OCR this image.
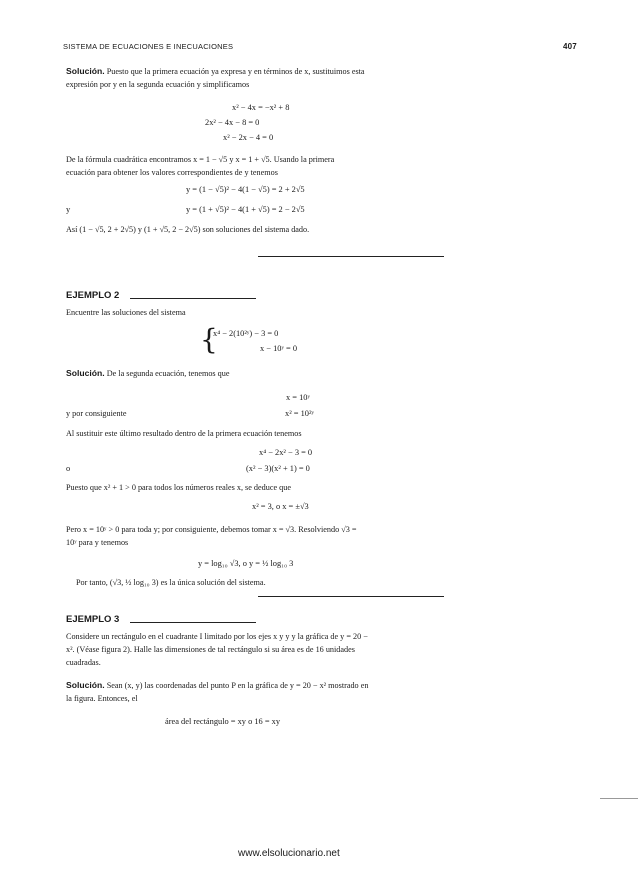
SISTEMA DE ECUACIONES E INECUACIONES	407
Solución. Puesto que la primera ecuación ya expresa y en términos de x, sustituimos esta
expresión por y en la segunda ecuación y simplificamos
x² − 4x = −x² + 8
2x² − 4x − 8 = 0
x² − 2x − 4 = 0
De la fórmula cuadrática encontramos x = 1 − √5 y x = 1 + √5. Usando la primera
ecuación para obtener los valores correspondientes de y tenemos
y = (1 − √5)² − 4(1 − √5) = 2 + 2√5
y	y = (1 + √5)² − 4(1 + √5) = 2 − 2√5
Así (1 − √5, 2 + 2√5) y (1 + √5, 2 − 2√5) son soluciones del sistema dado.
EJEMPLO 2
Encuentre las soluciones del sistema
{
x⁴ − 2(10²ʸ) − 3 = 0
x − 10ʸ = 0
Solución. De la segunda ecuación, tenemos que
x = 10ʸ
y por consiguiente	x² = 10²ʸ
Al sustituir este último resultado dentro de la primera ecuación tenemos
x⁴ − 2x² − 3 = 0
o	(x² − 3)(x² + 1) = 0
Puesto que x² + 1 > 0 para todos los números reales x, se deduce que
x² = 3, o x = ±√3
Pero x = 10ʸ > 0 para toda y; por consiguiente, debemos tomar x = √3. Resolviendo √3 =
10ʸ para y tenemos
y = log₁₀ √3, o y = ½ log₁₀ 3
Por tanto, (√3, ½ log₁₀ 3) es la única solución del sistema.
EJEMPLO 3
Considere un rectángulo en el cuadrante I limitado por los ejes x y y y la gráfica de y = 20 −
x². (Véase figura 2). Halle las dimensiones de tal rectángulo si su área es de 16 unidades
cuadradas.
Solución. Sean (x, y) las coordenadas del punto P en la gráfica de y = 20 − x² mostrado en
la figura. Entonces, el
área del rectángulo = xy o 16 = xy
www.elsolucionario.net
